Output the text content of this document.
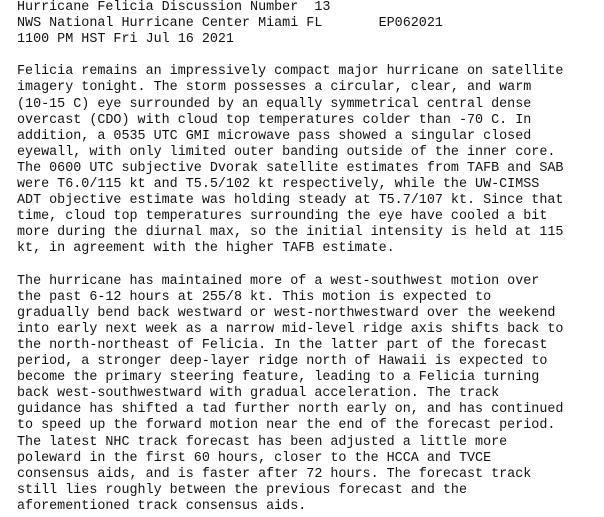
Hurricane Felicia Discussion Number  13
NWS National Hurricane Center Miami FL       EP062021
1100 PM HST Fri Jul 16 2021
Felicia remains an impressively compact major hurricane on satellite
imagery tonight. The storm possesses a circular, clear, and warm
(10-15 C) eye surrounded by an equally symmetrical central dense
overcast (CDO) with cloud top temperatures colder than -70 C. In
addition, a 0535 UTC GMI microwave pass showed a singular closed
eyewall, with only limited outer banding outside of the inner core.
The 0600 UTC subjective Dvorak satellite estimates from TAFB and SAB
were T6.0/115 kt and T5.5/102 kt respectively, while the UW-CIMSS
ADT objective estimate was holding steady at T5.7/107 kt. Since that
time, cloud top temperatures surrounding the eye have cooled a bit
more during the diurnal max, so the initial intensity is held at 115
kt, in agreement with the higher TAFB estimate.
The hurricane has maintained more of a west-southwest motion over
the past 6-12 hours at 255/8 kt. This motion is expected to
gradually bend back westward or west-northwestward over the weekend
into early next week as a narrow mid-level ridge axis shifts back to
the north-northeast of Felicia. In the latter part of the forecast
period, a stronger deep-layer ridge north of Hawaii is expected to
become the primary steering feature, leading to a Felicia turning
back west-southwestward with gradual acceleration. The track
guidance has shifted a tad further north early on, and has continued
to speed up the forward motion near the end of the forecast period.
The latest NHC track forecast has been adjusted a little more
poleward in the first 60 hours, closer to the HCCA and TVCE
consensus aids, and is faster after 72 hours. The forecast track
still lies roughly between the previous forecast and the
aforementioned track consensus aids.
